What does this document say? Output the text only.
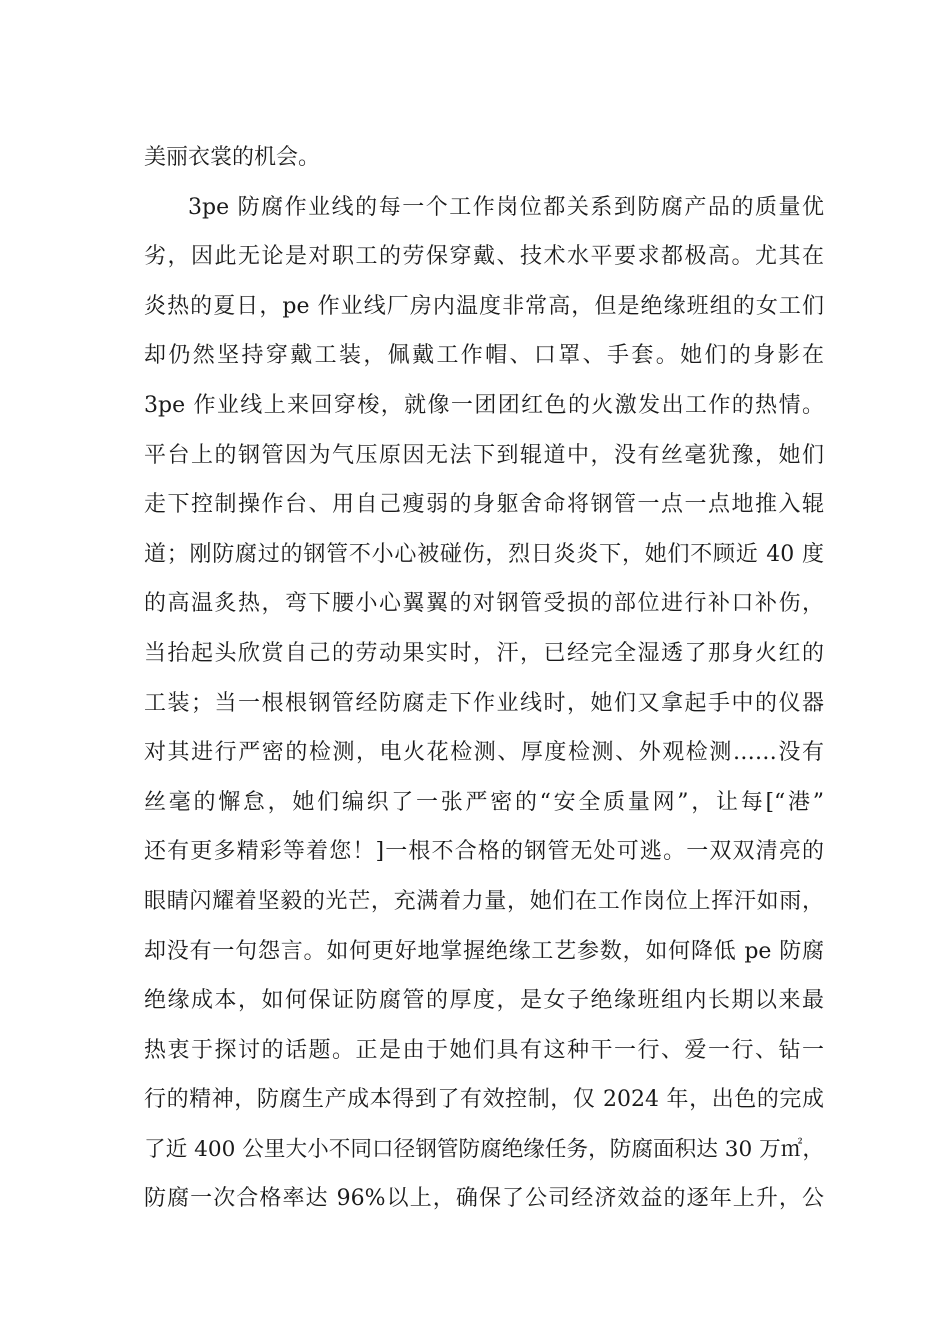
美丽衣裳的机会。
3pe 防腐作业线的每一个工作岗位都关系到防腐产品的质量优
劣，因此无论是对职工的劳保穿戴、技术水平要求都极高。尤其在
炎热的夏日，pe 作业线厂房内温度非常高，但是绝缘班组的女工们
却仍然坚持穿戴工装，佩戴工作帽、口罩、手套。她们的身影在
3pe 作业线上来回穿梭，就像一团团红色的火激发出工作的热情。
平台上的钢管因为气压原因无法下到辊道中，没有丝毫犹豫，她们
走下控制操作台、用自己瘦弱的身躯舍命将钢管一点一点地推入辊
道；刚防腐过的钢管不小心被碰伤，烈日炎炎下，她们不顾近 40 度
的高温炙热，弯下腰小心翼翼的对钢管受损的部位进行补口补伤，
当抬起头欣赏自己的劳动果实时，汗，已经完全湿透了那身火红的
工装；当一根根钢管经防腐走下作业线时，她们又拿起手中的仪器
对其进行严密的检测，电火花检测、厚度检测、外观检测……没有
丝毫的懈怠，她们编织了一张严密的“安全质量网”，让每[“港”
还有更多精彩等着您！]一根不合格的钢管无处可逃。一双双清亮的
眼睛闪耀着坚毅的光芒，充满着力量，她们在工作岗位上挥汗如雨，
却没有一句怨言。如何更好地掌握绝缘工艺参数，如何降低 pe 防腐
绝缘成本，如何保证防腐管的厚度，是女子绝缘班组内长期以来最
热衷于探讨的话题。正是由于她们具有这种干一行、爱一行、钻一
行的精神，防腐生产成本得到了有效控制，仅 2024 年，出色的完成
了近 400 公里大小不同口径钢管防腐绝缘任务，防腐面积达 30 万㎡，
防腐一次合格率达 96%以上，确保了公司经济效益的逐年上升，公
